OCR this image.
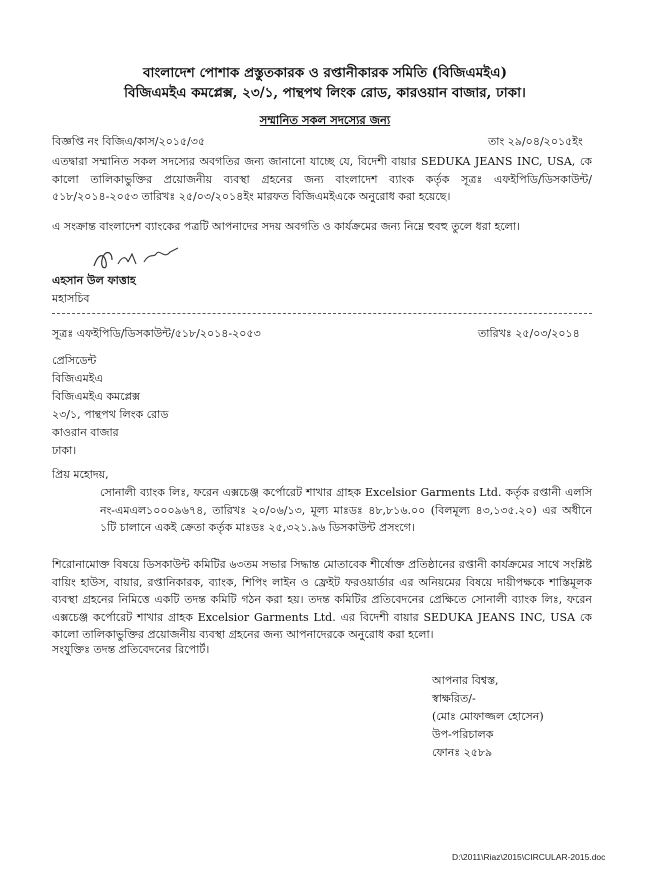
বাংলাদেশ পোশাক প্রস্তুতকারক ও রপ্তানীকারক সমিতি (বিজিএমইএ)
বিজিএমইএ কমপ্লেক্স, ২৩/১, পান্থপথ লিংক রোড, কারওয়ান বাজার, ঢাকা।
সম্মানিত সকল সদস্যের জন্য
বিজ্ঞপ্তি নং বিজিএ/কাস/২০১৫/৩৫	তাং ২৯/০৪/২০১৫ইং
এতদ্বারা সম্মানিত সকল সদস্যের অবগতির জন্য জানানো যাচ্ছে যে, বিদেশী বায়ার SEDUKA JEANS INC, USA, কে কালো তালিকাভুক্তির প্রয়োজনীয় ব্যবস্থা গ্রহনের জন্য বাংলাদেশ ব্যাংক কর্তৃক সূত্রঃ এফইপিডি/ডিসকাউন্ট/৫১৮/২০১৪-২০৫৩ তারিখঃ ২৫/০৩/২০১৪ইং মারফত বিজিএমইএকে অনুরোধ করা হয়েছে।
এ সংক্রান্ত বাংলাদেশ ব্যাংকের পত্রটি আপনাদের সদয় অবগতি ও কার্যক্রমের জন্য নিম্নে হুবহু তুলে ধরা হলো।
এহসান উল ফাত্তাহ
মহাসচিব
সূত্রঃ এফইপিডি/ডিসকাউন্ট/৫১৮/২০১৪-২০৫৩	তারিখঃ ২৫/০৩/২০১৪
প্রেসিডেন্ট
বিজিএমইএ
বিজিএমইএ কমপ্লেক্স
২৩/১, পান্থপথ লিংক রোড
কাওরান বাজার
ঢাকা।
প্রিয় মহোদয়,
সোনালী ব্যাংক লিঃ, ফরেন এক্সচেঞ্জ কর্পোরেট শাখার গ্রাহক Excelsior Garments Ltd. কর্তৃক রপ্তানী এলসি নং-এমএল১০০০৯৬৭৪, তারিখঃ ২০/০৬/১৩, মূল্য মাঃডঃ ৪৮,৮১৬.০০ (বিলমূল্য ৪৩,১৩৫.২০) এর অধীনে ১টি চালানে একই ক্রেতা কর্তৃক মাঃডঃ ২৫,৩২১.৯৬ ডিসকাউন্ট প্রসংগে।
শিরোনামোক্ত বিষয়ে ডিসকাউন্ট কমিটির ৬৩তম সভার সিদ্ধান্ত মোতাবেক শীর্ষোক্ত প্রতিষ্ঠানের রপ্তানী কার্যক্রমের সাথে সংশ্লিষ্ট বায়িং হাউস, বায়ার, রপ্তানিকারক, ব্যাংক, শিপিং লাইন ও ফ্রেইট ফরওয়ার্ডার এর অনিয়মের বিষয়ে দায়ীপক্ষকে শাস্তিমূলক ব্যবস্থা গ্রহনের নিমিত্তে একটি তদন্ত কমিটি গঠন করা হয়। তদন্ত কমিটির প্রতিবেদনের প্রেক্ষিতে সোনালী ব্যাংক লিঃ, ফরেন এক্সচেঞ্জ কর্পোরেট শাখার গ্রাহক Excelsior Garments Ltd. এর বিদেশী বায়ার SEDUKA JEANS INC, USA কে কালো তালিকাভুক্তির প্রয়োজনীয় ব্যবস্থা গ্রহনের জন্য আপনাদেরকে অনুরোধ করা হলো।
সংযুক্তিঃ তদন্ত প্রতিবেদনের রিপোর্ট।
আপনার বিশ্বস্ত,
স্বাক্ষরিত/-
(মোঃ মোফাজ্জল হোসেন)
উপ-পরিচালক
ফোনঃ ২৫৮৯
D:\2011\Riaz\2015\CIRCULAR-2015.doc
